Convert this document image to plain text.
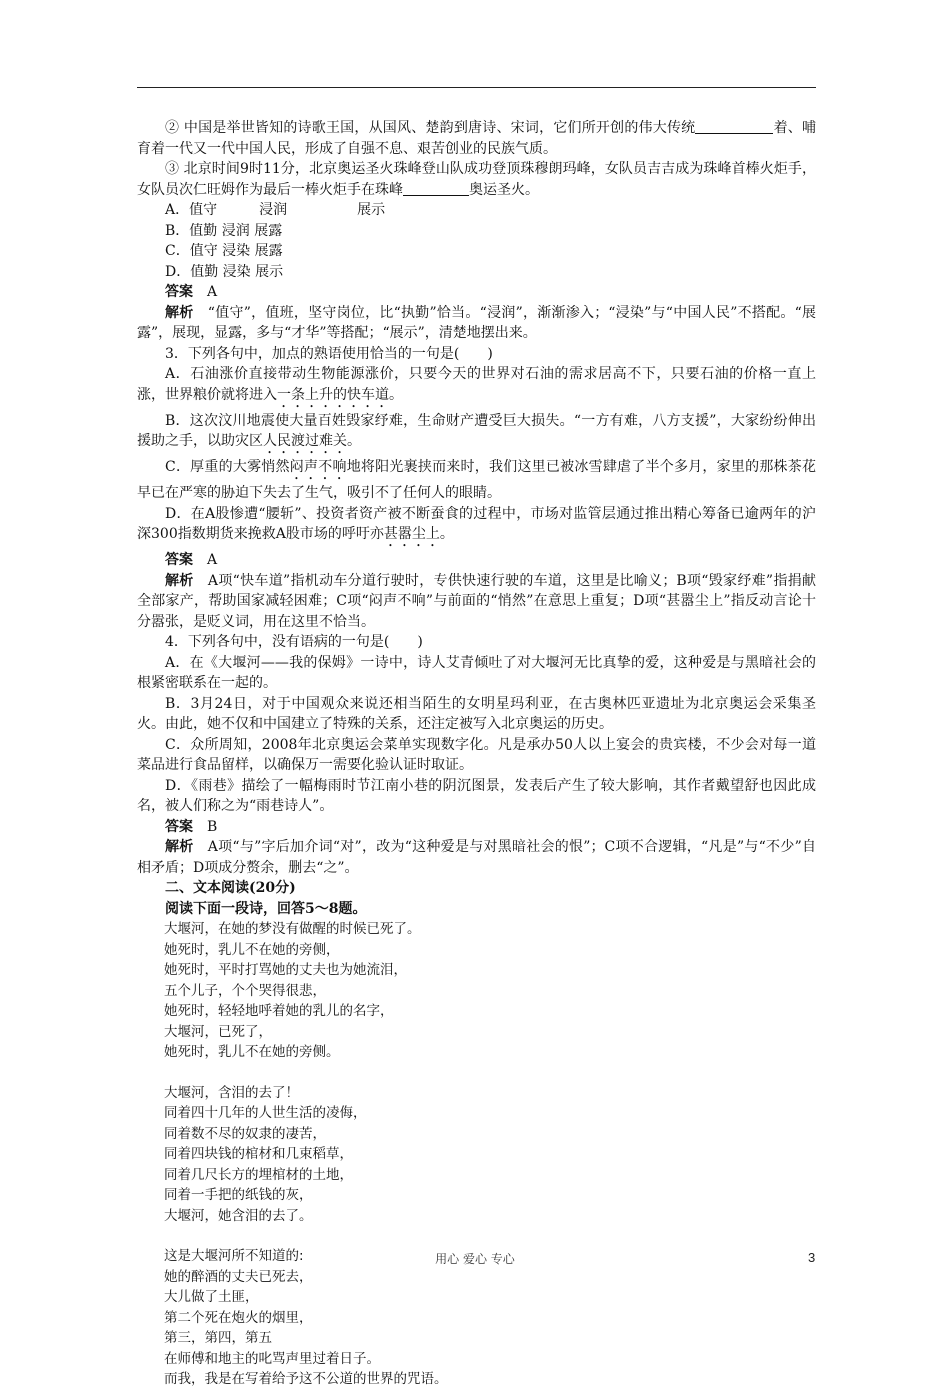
② 中国是举世皆知的诗歌王国，从国风、楚韵到唐诗、宋词，它们所开创的伟大传统	着、哺育着一代又一代中国人民，形成了自强不息、艰苦创业的民族气质。

③ 北京时间9时11分，北京奥运圣火珠峰登山队成功登顶珠穆朗玛峰，女队员吉吉成为珠峰首棒火炬手，女队员次仁旺姆作为最后一棒火炬手在珠峰	奥运圣火。

A．值守　　　浸润　　　　　展示

B．值勤 浸润 展露

C．值守 浸染 展露

D．值勤 浸染 展示

答案　 A

解析　 “值守”，值班，坚守岗位，比“执勤”恰当。“浸润”，渐渐渗入；“浸染”与“中国人民”不搭配。“展露”，展现，显露，多与“才华”等搭配；“展示”，清楚地摆出来。

3．下列各句中，加点的熟语使用恰当的一句是(　　)

A．石油涨价直接带动生物能源涨价，只要今天的世界对石油的需求居高不下，只要石油的价格一直上涨，世界粮价就将进入一条上升的快车道。

B．这次汶川地震使大量百姓毁家纾难，生命财产遭受巨大损失。“一方有难，八方支援”，大家纷纷伸出援助之手，以助灾区人民渡过难关。

C．厚重的大雾悄然闷声不响地将阳光裹挟而来时，我们这里已被冰雪肆虐了半个多月，家里的那株茶花早已在严寒的胁迫下失去了生气，吸引不了任何人的眼睛。

D．在A股惨遭“腰斩”、投资者资产被不断蚕食的过程中，市场对监管层通过推出精心筹备已逾两年的沪深300指数期货来挽救A股市场的呼吁亦甚嚣尘上。

答案　 A

解析　 A项“快车道”指机动车分道行驶时，专供快速行驶的车道，这里是比喻义；B项“毁家纾难”指捐献全部家产，帮助国家减轻困难；C项“闷声不响”与前面的“悄然”在意思上重复；D项“甚嚣尘上”指反动言论十分嚣张，是贬义词，用在这里不恰当。

4．下列各句中，没有语病的一句是(　　)

A．在《大堰河——我的保姆》一诗中，诗人艾青倾吐了对大堰河无比真挚的爱，这种爱是与黑暗社会的根紧密联系在一起的。

B．3月24日，对于中国观众来说还相当陌生的女明星玛利亚，在古奥林匹亚遗址为北京奥运会采集圣火。由此，她不仅和中国建立了特殊的关系，还注定被写入北京奥运的历史。

C．众所周知，2008年北京奥运会菜单实现数字化。凡是承办50人以上宴会的贵宾楼，不少会对每一道菜品进行食品留样，以确保万一需要化验认证时取证。

D．《雨巷》描绘了一幅梅雨时节江南小巷的阴沉图景，发表后产生了较大影响，其作者戴望舒也因此成名，被人们称之为“雨巷诗人”。

答案　 B

解析　 A项“与”字后加介词“对”，改为“这种爱是与对黑暗社会的恨”；C项不合逻辑，“凡是”与“不少”自相矛盾；D项成分赘余，删去“之”。

二、文本阅读(20分)

阅读下面一段诗，回答5～8题。

大堰河，在她的梦没有做醒的时候已死了。

她死时，乳儿不在她的旁侧，

她死时，平时打骂她的丈夫也为她流泪，

五个儿子，个个哭得很悲，

她死时，轻轻地呼着她的乳儿的名字，

大堰河，已死了，

她死时，乳儿不在她的旁侧。

大堰河，含泪的去了！

同着四十几年的人世生活的凌侮，

同着数不尽的奴隶的凄苦，

同着四块钱的棺材和几束稻草，

同着几尺长方的埋棺材的土地，

同着一手把的纸钱的灰，

大堰河，她含泪的去了。

这是大堰河所不知道的:

她的醉酒的丈夫已死去，

大儿做了土匪，

第二个死在炮火的烟里，

第三，第四，第五

在师傅和地主的叱骂声里过着日子。

而我，我是在写着给予这不公道的世界的咒语。

用心 爱心 专心	3
